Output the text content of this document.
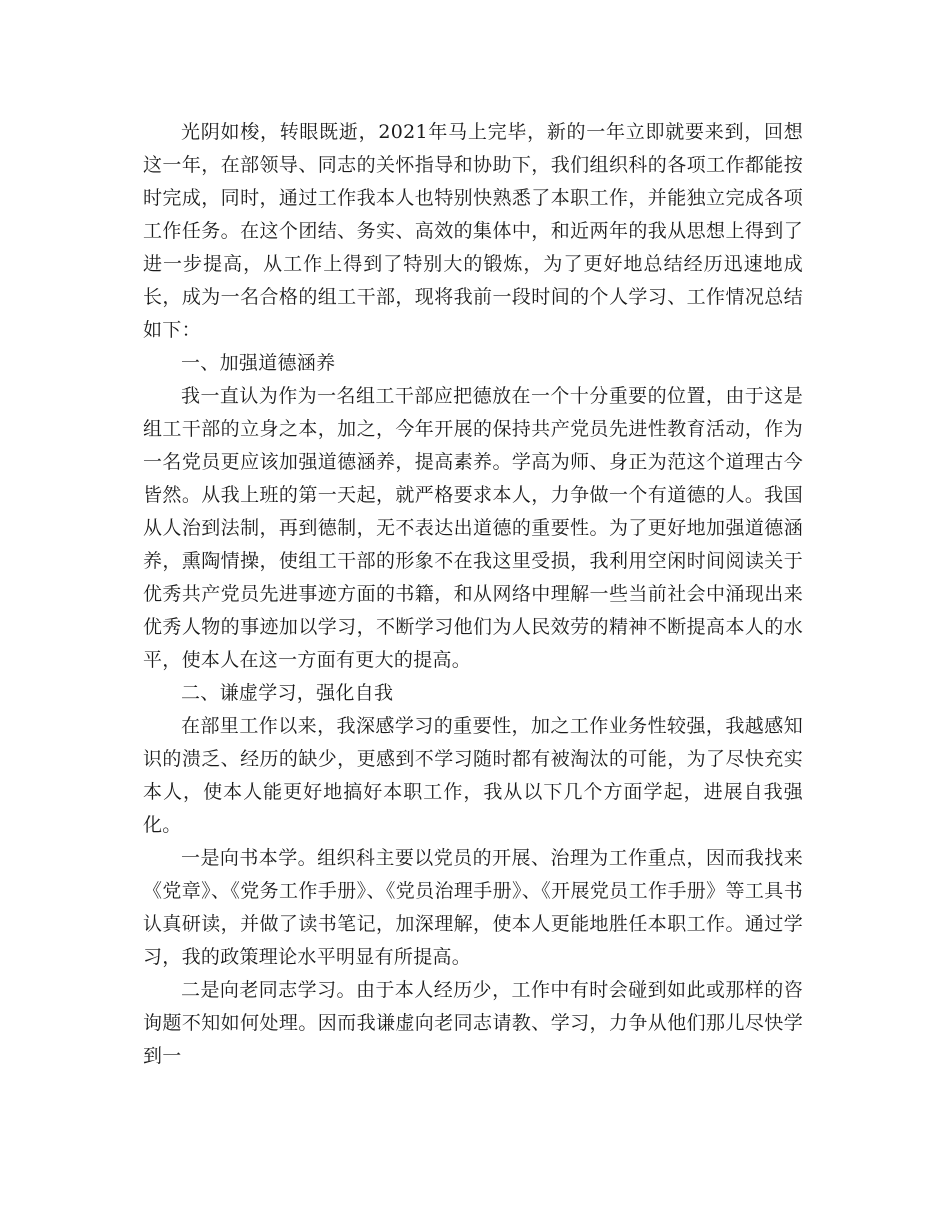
光阴如梭，转眼既逝，2021年马上完毕，新的一年立即就要来到，回想这一年，在部领导、同志的关怀指导和协助下，我们组织科的各项工作都能按时完成，同时，通过工作我本人也特别快熟悉了本职工作，并能独立完成各项工作任务。在这个团结、务实、高效的集体中，和近两年的我从思想上得到了进一步提高，从工作上得到了特别大的锻炼，为了更好地总结经历迅速地成长，成为一名合格的组工干部，现将我前一段时间的个人学习、工作情况总结如下：

一、加强道德涵养

我一直认为作为一名组工干部应把德放在一个十分重要的位置，由于这是组工干部的立身之本，加之，今年开展的保持共产党员先进性教育活动，作为一名党员更应该加强道德涵养，提高素养。学高为师、身正为范这个道理古今皆然。从我上班的第一天起，就严格要求本人，力争做一个有道德的人。我国从人治到法制，再到德制，无不表达出道德的重要性。为了更好地加强道德涵养，熏陶情操，使组工干部的形象不在我这里受损，我利用空闲时间阅读关于优秀共产党员先进事迹方面的书籍，和从网络中理解一些当前社会中涌现出来优秀人物的事迹加以学习，不断学习他们为人民效劳的精神不断提高本人的水平，使本人在这一方面有更大的提高。

二、谦虚学习，强化自我

在部里工作以来，我深感学习的重要性，加之工作业务性较强，我越感知识的溃乏、经历的缺少，更感到不学习随时都有被淘汰的可能，为了尽快充实本人，使本人能更好地搞好本职工作，我从以下几个方面学起，进展自我强化。

一是向书本学。组织科主要以党员的开展、治理为工作重点，因而我找来《党章》、《党务工作手册》、《党员治理手册》、《开展党员工作手册》等工具书认真研读，并做了读书笔记，加深理解，使本人更能地胜任本职工作。通过学习，我的政策理论水平明显有所提高。

二是向老同志学习。由于本人经历少，工作中有时会碰到如此或那样的咨询题不知如何处理。因而我谦虚向老同志请教、学习，力争从他们那儿尽快学到一
